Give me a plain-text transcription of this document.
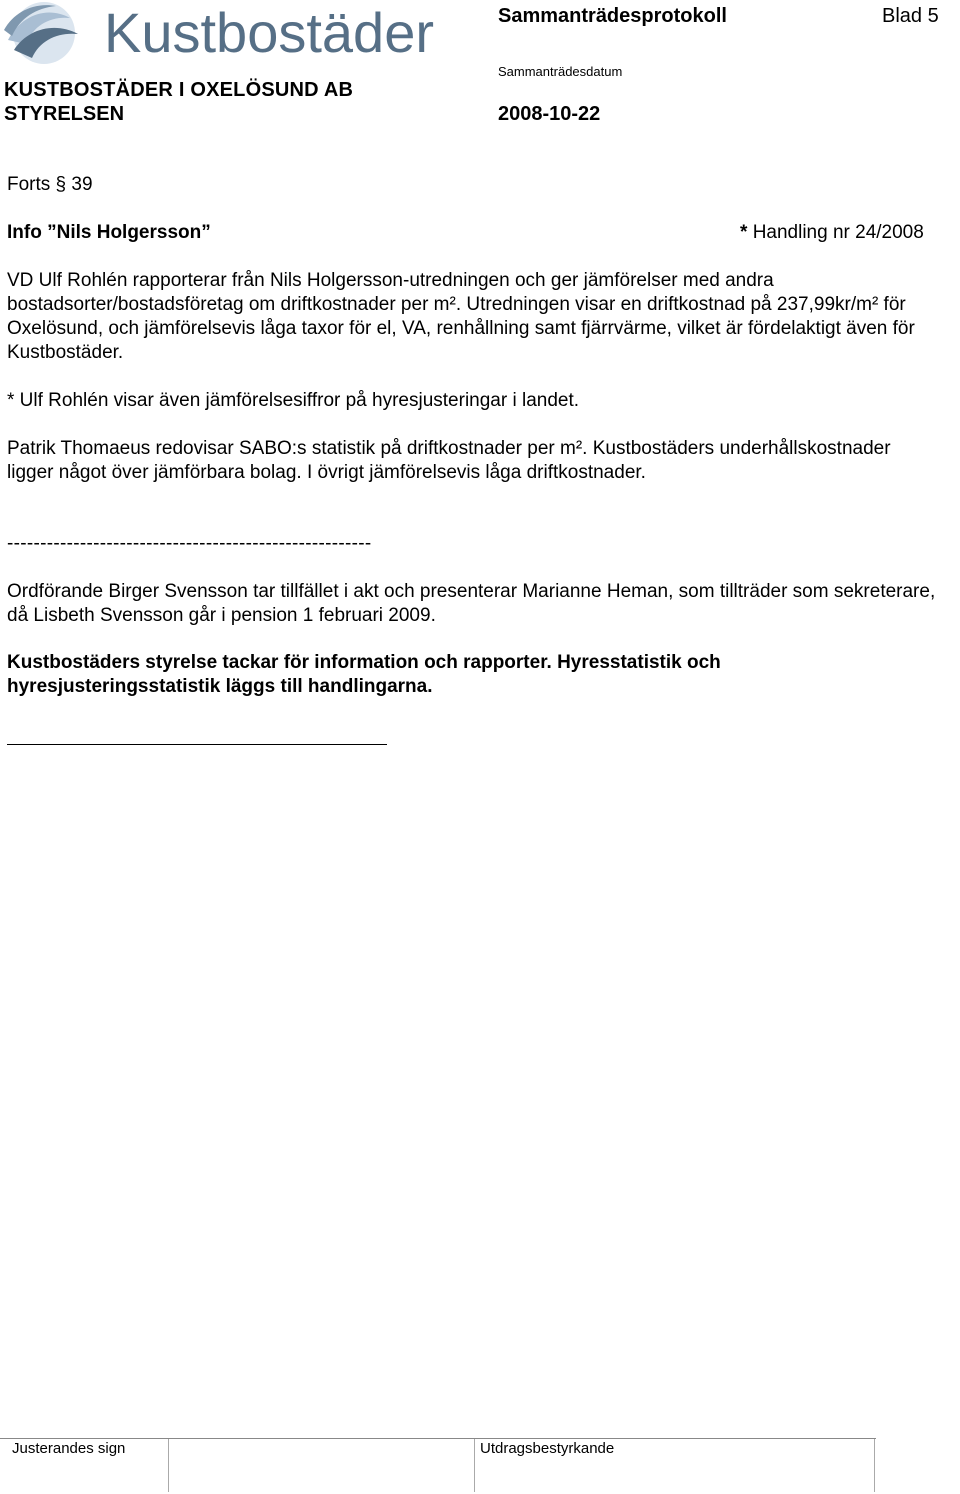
Kustbostäder	Sammanträdesprotokoll	Blad 5
KUSTBOSTÄDER I OXELÖSUND AB
STYRELSEN
Sammanträdesdatum
2008-10-22
Forts § 39
Info ”Nils Holgersson”	* Handling nr 24/2008
VD Ulf Rohlén rapporterar från Nils Holgersson-utredningen och ger jämförelser med andra bostadsorter/bostadsföretag om driftkostnader per m². Utredningen visar en driftkostnad på 237,99kr/m² för Oxelösund, och jämförelsevis låga taxor för el, VA, renhållning samt fjärrvärme, vilket är fördelaktigt även för Kustbostäder.
* Ulf Rohlén visar även jämförelsesiffror på hyresjusteringar i landet.
Patrik Thomaeus redovisar SABO:s statistik på driftkostnader per m². Kustbostäders underhållskostnader ligger något över jämförbara bolag. I övrigt jämförelsevis låga driftkostnader.
-------------------------------------------------------
Ordförande Birger Svensson tar tillfället i akt och presenterar Marianne Heman, som tillträder som sekreterare, då Lisbeth Svensson går i pension 1 februari 2009.
Kustbostäders styrelse tackar för information och rapporter. Hyresstatistik och hyresjusteringsstatistik läggs till handlingarna.
Justerandes sign	Utdragsbestyrkande
